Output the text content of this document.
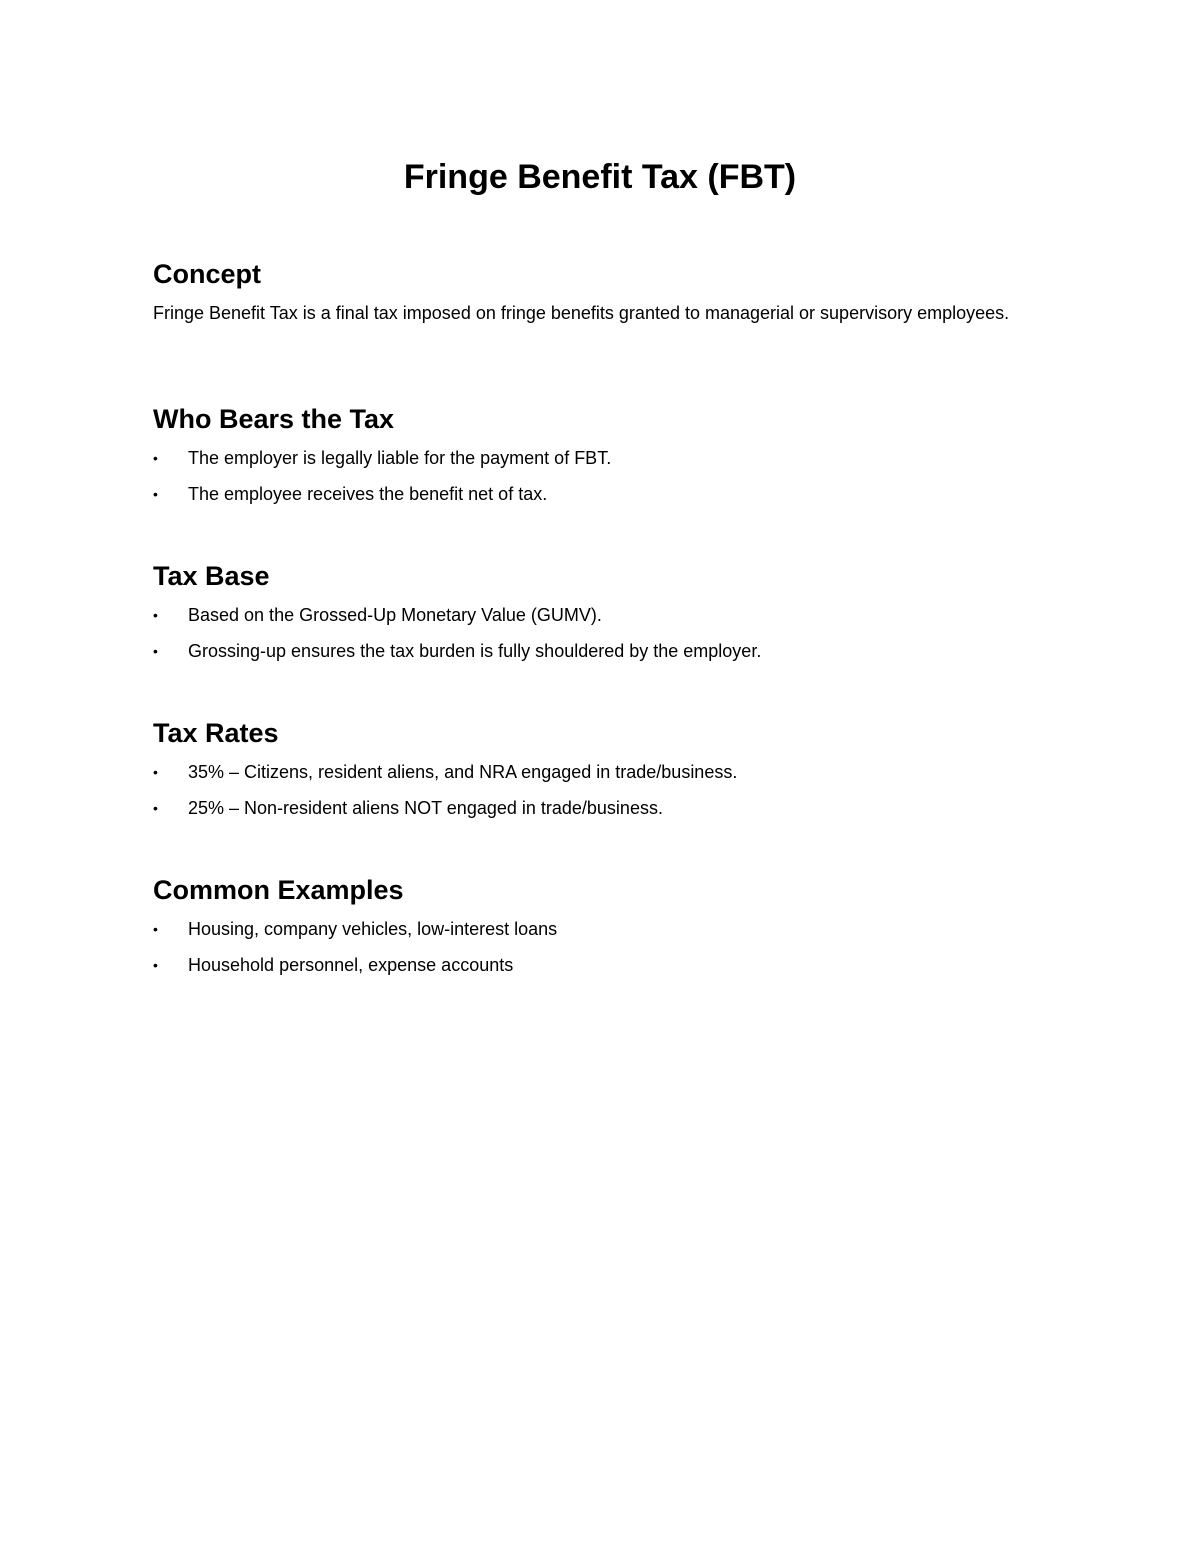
Fringe Benefit Tax (FBT)
Concept

Fringe Benefit Tax is a final tax imposed on fringe benefits granted to managerial or supervisory employees.

Who Bears the Tax
•	The employer is legally liable for the payment of FBT.
•	The employee receives the benefit net of tax.
Tax Base
•	Based on the Grossed-Up Monetary Value (GUMV).
•	Grossing-up ensures the tax burden is fully shouldered by the employer.
Tax Rates
•	35% – Citizens, resident aliens, and NRA engaged in trade/business.
•	25% – Non-resident aliens NOT engaged in trade/business.
Common Examples
•	Housing, company vehicles, low-interest loans
•	Household personnel, expense accounts
